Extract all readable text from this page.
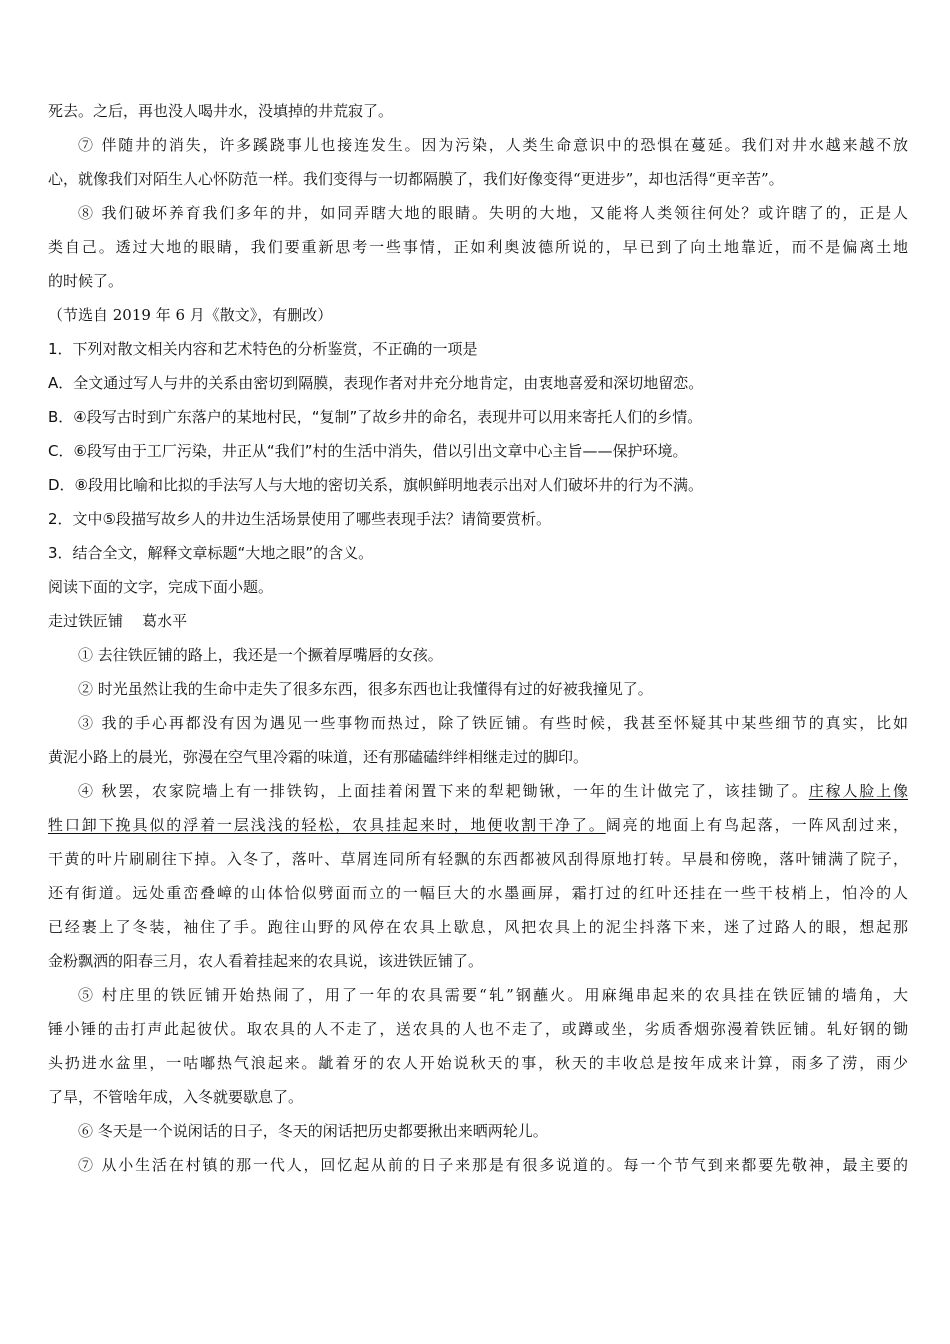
死去。之后，再也没人喝井水，没填掉的井荒寂了。
⑦ 伴随井的消失，许多蹊跷事儿也接连发生。因为污染，人类生命意识中的恐惧在蔓延。我们对井水越来越不放
心，就像我们对陌生人心怀防范一样。我们变得与一切都隔膜了，我们好像变得“更进步”，却也活得“更辛苦”。
⑧ 我们破坏养育我们多年的井，如同弄瞎大地的眼睛。失明的大地，又能将人类领往何处？或许瞎了的，正是人
类自己。透过大地的眼睛，我们要重新思考一些事情，正如利奥波德所说的，早已到了向土地靠近，而不是偏离土地
的时候了。
（节选自 2019 年 6 月《散文》，有删改）
1．下列对散文相关内容和艺术特色的分析鉴赏，不正确的一项是
A．全文通过写人与井的关系由密切到隔膜，表现作者对井充分地肯定，由衷地喜爱和深切地留恋。
B．④段写古时到广东落户的某地村民，“复制”了故乡井的命名，表现井可以用来寄托人们的乡情。
C．⑥段写由于工厂污染，井正从“我们”村的生活中消失，借以引出文章中心主旨——保护环境。
D．⑧段用比喻和比拟的手法写人与大地的密切关系，旗帜鲜明地表示出对人们破坏井的行为不满。
2．文中⑤段描写故乡人的井边生活场景使用了哪些表现手法？请简要赏析。
3．结合全文，解释文章标题“大地之眼”的含义。
阅读下面的文字，完成下面小题。
走过铁匠铺    葛水平
① 去往铁匠铺的路上，我还是一个撅着厚嘴唇的女孩。
② 时光虽然让我的生命中走失了很多东西，很多东西也让我懂得有过的好被我撞见了。
③ 我的手心再都没有因为遇见一些事物而热过，除了铁匠铺。有些时候，我甚至怀疑其中某些细节的真实，比如
黄泥小路上的晨光，弥漫在空气里冷霜的味道，还有那磕磕绊绊相继走过的脚印。
④ 秋罢，农家院墙上有一排铁钩，上面挂着闲置下来的犁耙锄锹，一年的生计做完了，该挂锄了。庄稼人脸上像
牲口卸下挽具似的浮着一层浅浅的轻松，农具挂起来时，地便收割干净了。阔亮的地面上有鸟起落，一阵风刮过来，
干黄的叶片刷刷往下掉。入冬了，落叶、草屑连同所有轻飘的东西都被风刮得原地打转。早晨和傍晚，落叶铺满了院子，
还有街道。远处重峦叠嶂的山体恰似劈面而立的一幅巨大的水墨画屏，霜打过的红叶还挂在一些干枝梢上，怕冷的人
已经裹上了冬装，袖住了手。跑往山野的风停在农具上歇息，风把农具上的泥尘抖落下来，迷了过路人的眼，想起那
金粉飘洒的阳春三月，农人看着挂起来的农具说，该进铁匠铺了。
⑤ 村庄里的铁匠铺开始热闹了，用了一年的农具需要“轧”钢蘸火。用麻绳串起来的农具挂在铁匠铺的墙角，大
锤小锤的击打声此起彼伏。取农具的人不走了，送农具的人也不走了，或蹲或坐，劣质香烟弥漫着铁匠铺。轧好钢的锄
头扔进水盆里，一咕嘟热气浪起来。龇着牙的农人开始说秋天的事，秋天的丰收总是按年成来计算，雨多了涝，雨少
了旱，不管啥年成，入冬就要歇息了。
⑥ 冬天是一个说闲话的日子，冬天的闲话把历史都要揪出来晒两轮儿。
⑦ 从小生活在村镇的那一代人，回忆起从前的日子来那是有很多说道的。每一个节气到来都要先敬神，最主要的
